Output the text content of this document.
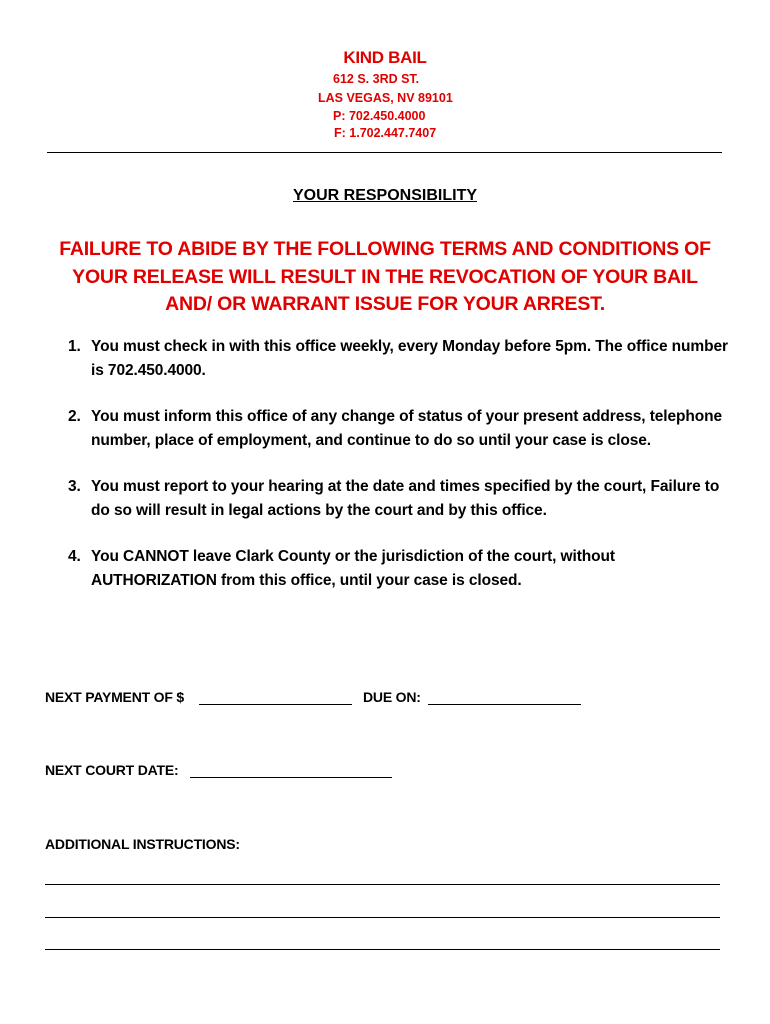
KIND BAIL
612 S. 3RD ST.
LAS VEGAS, NV 89101
P: 702.450.4000
F: 1.702.447.7407
YOUR RESPONSIBILITY
FAILURE TO ABIDE BY THE FOLLOWING TERMS AND CONDITIONS OF YOUR RELEASE WILL RESULT IN THE REVOCATION OF YOUR BAIL AND/ OR WARRANT ISSUE FOR YOUR ARREST.
1. You must check in with this office weekly, every Monday before 5pm. The office number is 702.450.4000.
2. You must inform this office of any change of status of your present address, telephone number, place of employment, and continue to do so until your case is close.
3. You must report to your hearing at the date and times specified by the court, Failure to do so will result in legal actions by the court and by this office.
4. You CANNOT leave Clark County or the jurisdiction of the court, without AUTHORIZATION from this office, until your case is closed.
NEXT PAYMENT OF $	DUE ON:
NEXT COURT DATE:
ADDITIONAL INSTRUCTIONS:
